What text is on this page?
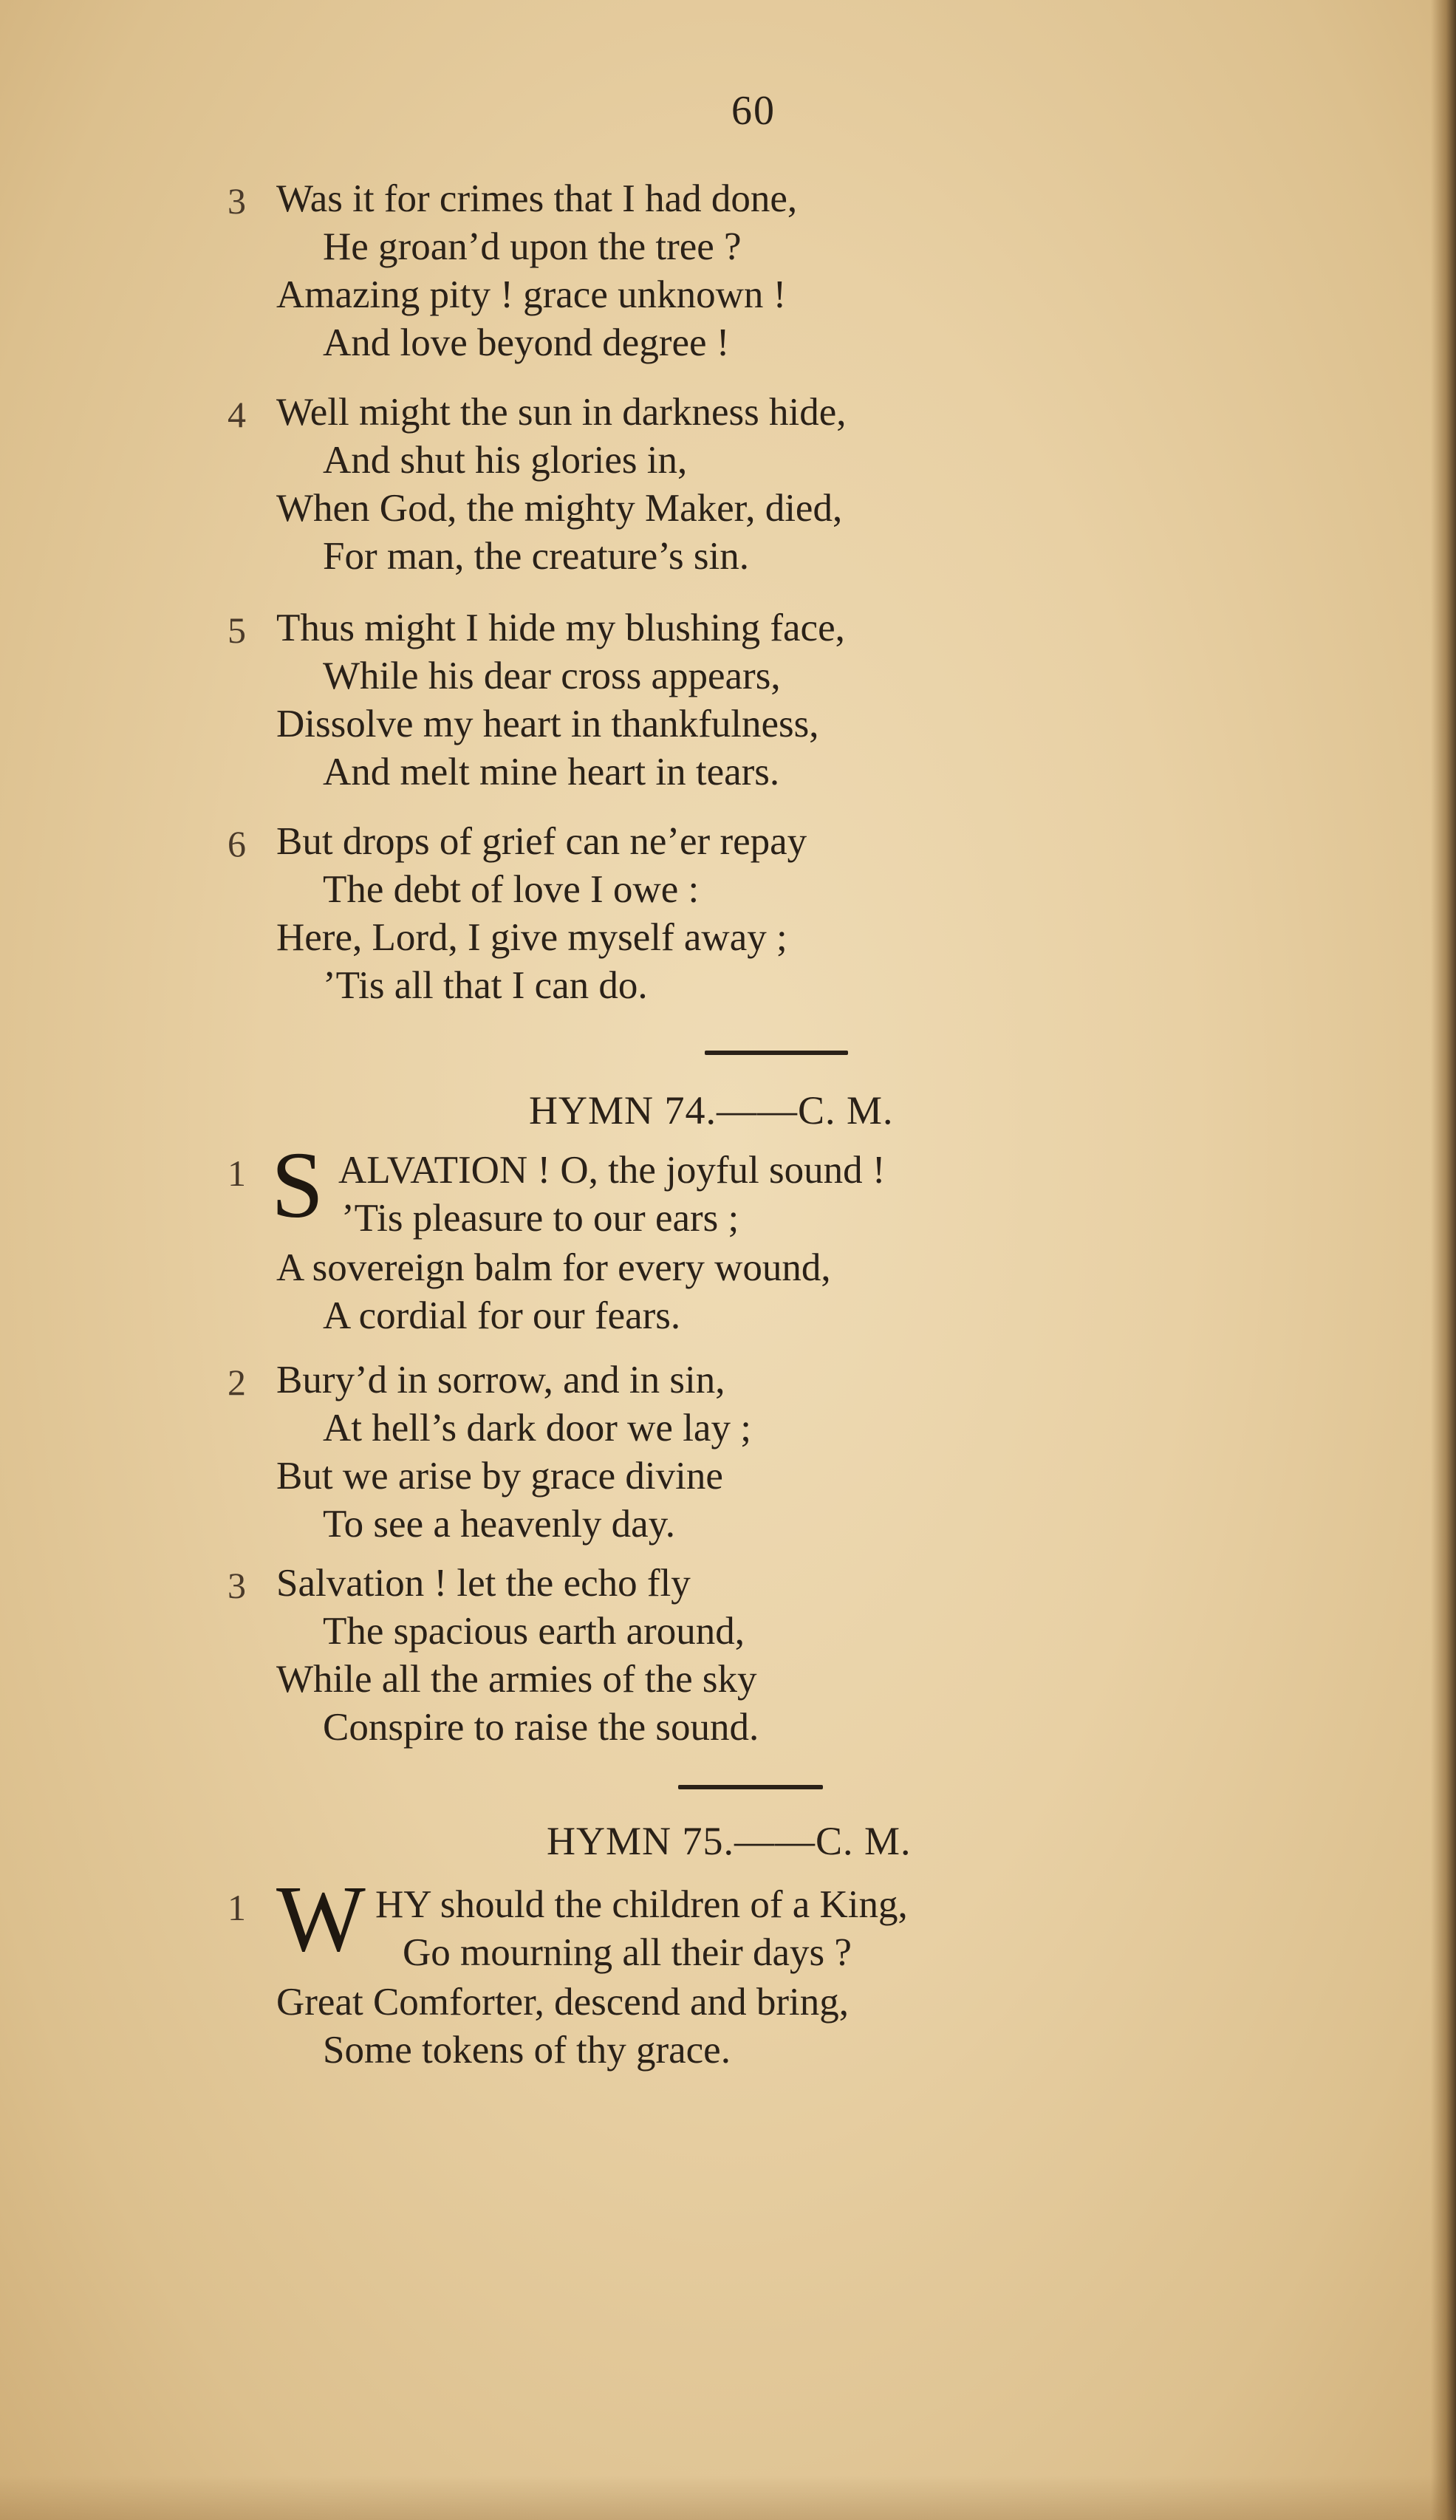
60
3 Was it for crimes that I had done,
He groan’d upon the tree ?
Amazing pity ! grace unknown !
And love beyond degree !
4 Well might the sun in darkness hide,
And shut his glories in,
When God, the mighty Maker, died,
For man, the creature’s sin.
5 Thus might I hide my blushing face,
While his dear cross appears,
Dissolve my heart in thankfulness,
And melt mine heart in tears.
6 But drops of grief can ne’er repay
The debt of love I owe :
Here, Lord, I give myself away ;
’Tis all that I can do.
HYMN 74.——C. M.
1 S ALVATION ! O, the joyful sound !
’Tis pleasure to our ears ;
A sovereign balm for every wound,
A cordial for our fears.
2 Bury’d in sorrow, and in sin,
At hell’s dark door we lay ;
But we arise by grace divine
To see a heavenly day.
3 Salvation ! let the echo fly
The spacious earth around,
While all the armies of the sky
Conspire to raise the sound.
HYMN 75.——C. M.
1 W HY should the children of a King,
Go mourning all their days ?
Great Comforter, descend and bring,
Some tokens of thy grace.
